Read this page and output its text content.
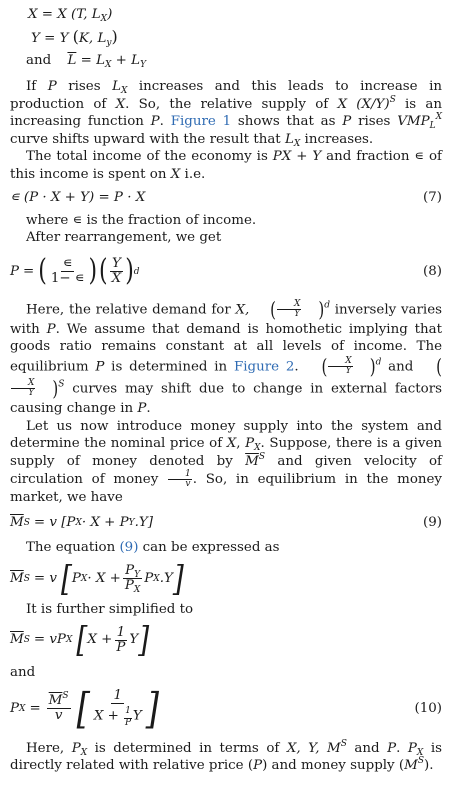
X = X (T, $L_X$)
Y = Y (K, $L_y$)
and $\overline{L} = L_X + L_Y$
If P rises $L_X$ increases and this leads to increase in production of X. So, the relative supply of X $(X/Y)^S$ is an increasing function P. Figure 1 shows that as P rises $VMP_L^X$ curve shifts upward with the result that $L_X$ increases.
The total income of the economy is PX + Y and fraction ∊ of this income is spent on X i.e.
∊ (P · X + Y) = P · X	(7)
where ∊ is the fraction of income.
After rearrangement, we get
P = ( $\frac{∊}{1- ∊}$ ) ( $\frac{Y}{X}$ ) d	(8)
Here, the relative demand for X, ( $\frac{X}{Y} )^d$ inversely varies with P. We assume that demand is homothetic implying that goods ratio remains constant at all levels of income. The equilibrium P is determined in Figure 2. ( $\frac{X}{Y} )^d$ and (
$\frac{X}{Y} )^S$ curves may shift due to change in external factors causing change in P.
Let us now introduce money supply into the system and determine the nominal price of X, $P_X$. Suppose, there is a given supply of money denoted by $\overline{M}^S$ and given velocity of circulation of money $\frac{1}{v}$ . So, in equilibrium in the money market, we have
$\overline{M}$ S = v [P X · X + P Y .Y]	(9)
The equation (9) can be expressed as
$\overline{M}$ S = v [ P $X \cdot X + \frac{P_Y}{P_X}$ P X .Y ]
It is further simplified to
$\overline{M}$ S = vP X [ $X + \frac{1}{P}$ Y ]
and
P $X = \frac{\overline{M}^S}{v}$ [ $\frac{1}{X + \frac{1}{P} Y}$ ]	(10)
Here, $P_X$ is determined in terms of X, Y, $M^S$ and P. $P_X$ is directly related with relative price (P) and money supply $(M^S)$.
